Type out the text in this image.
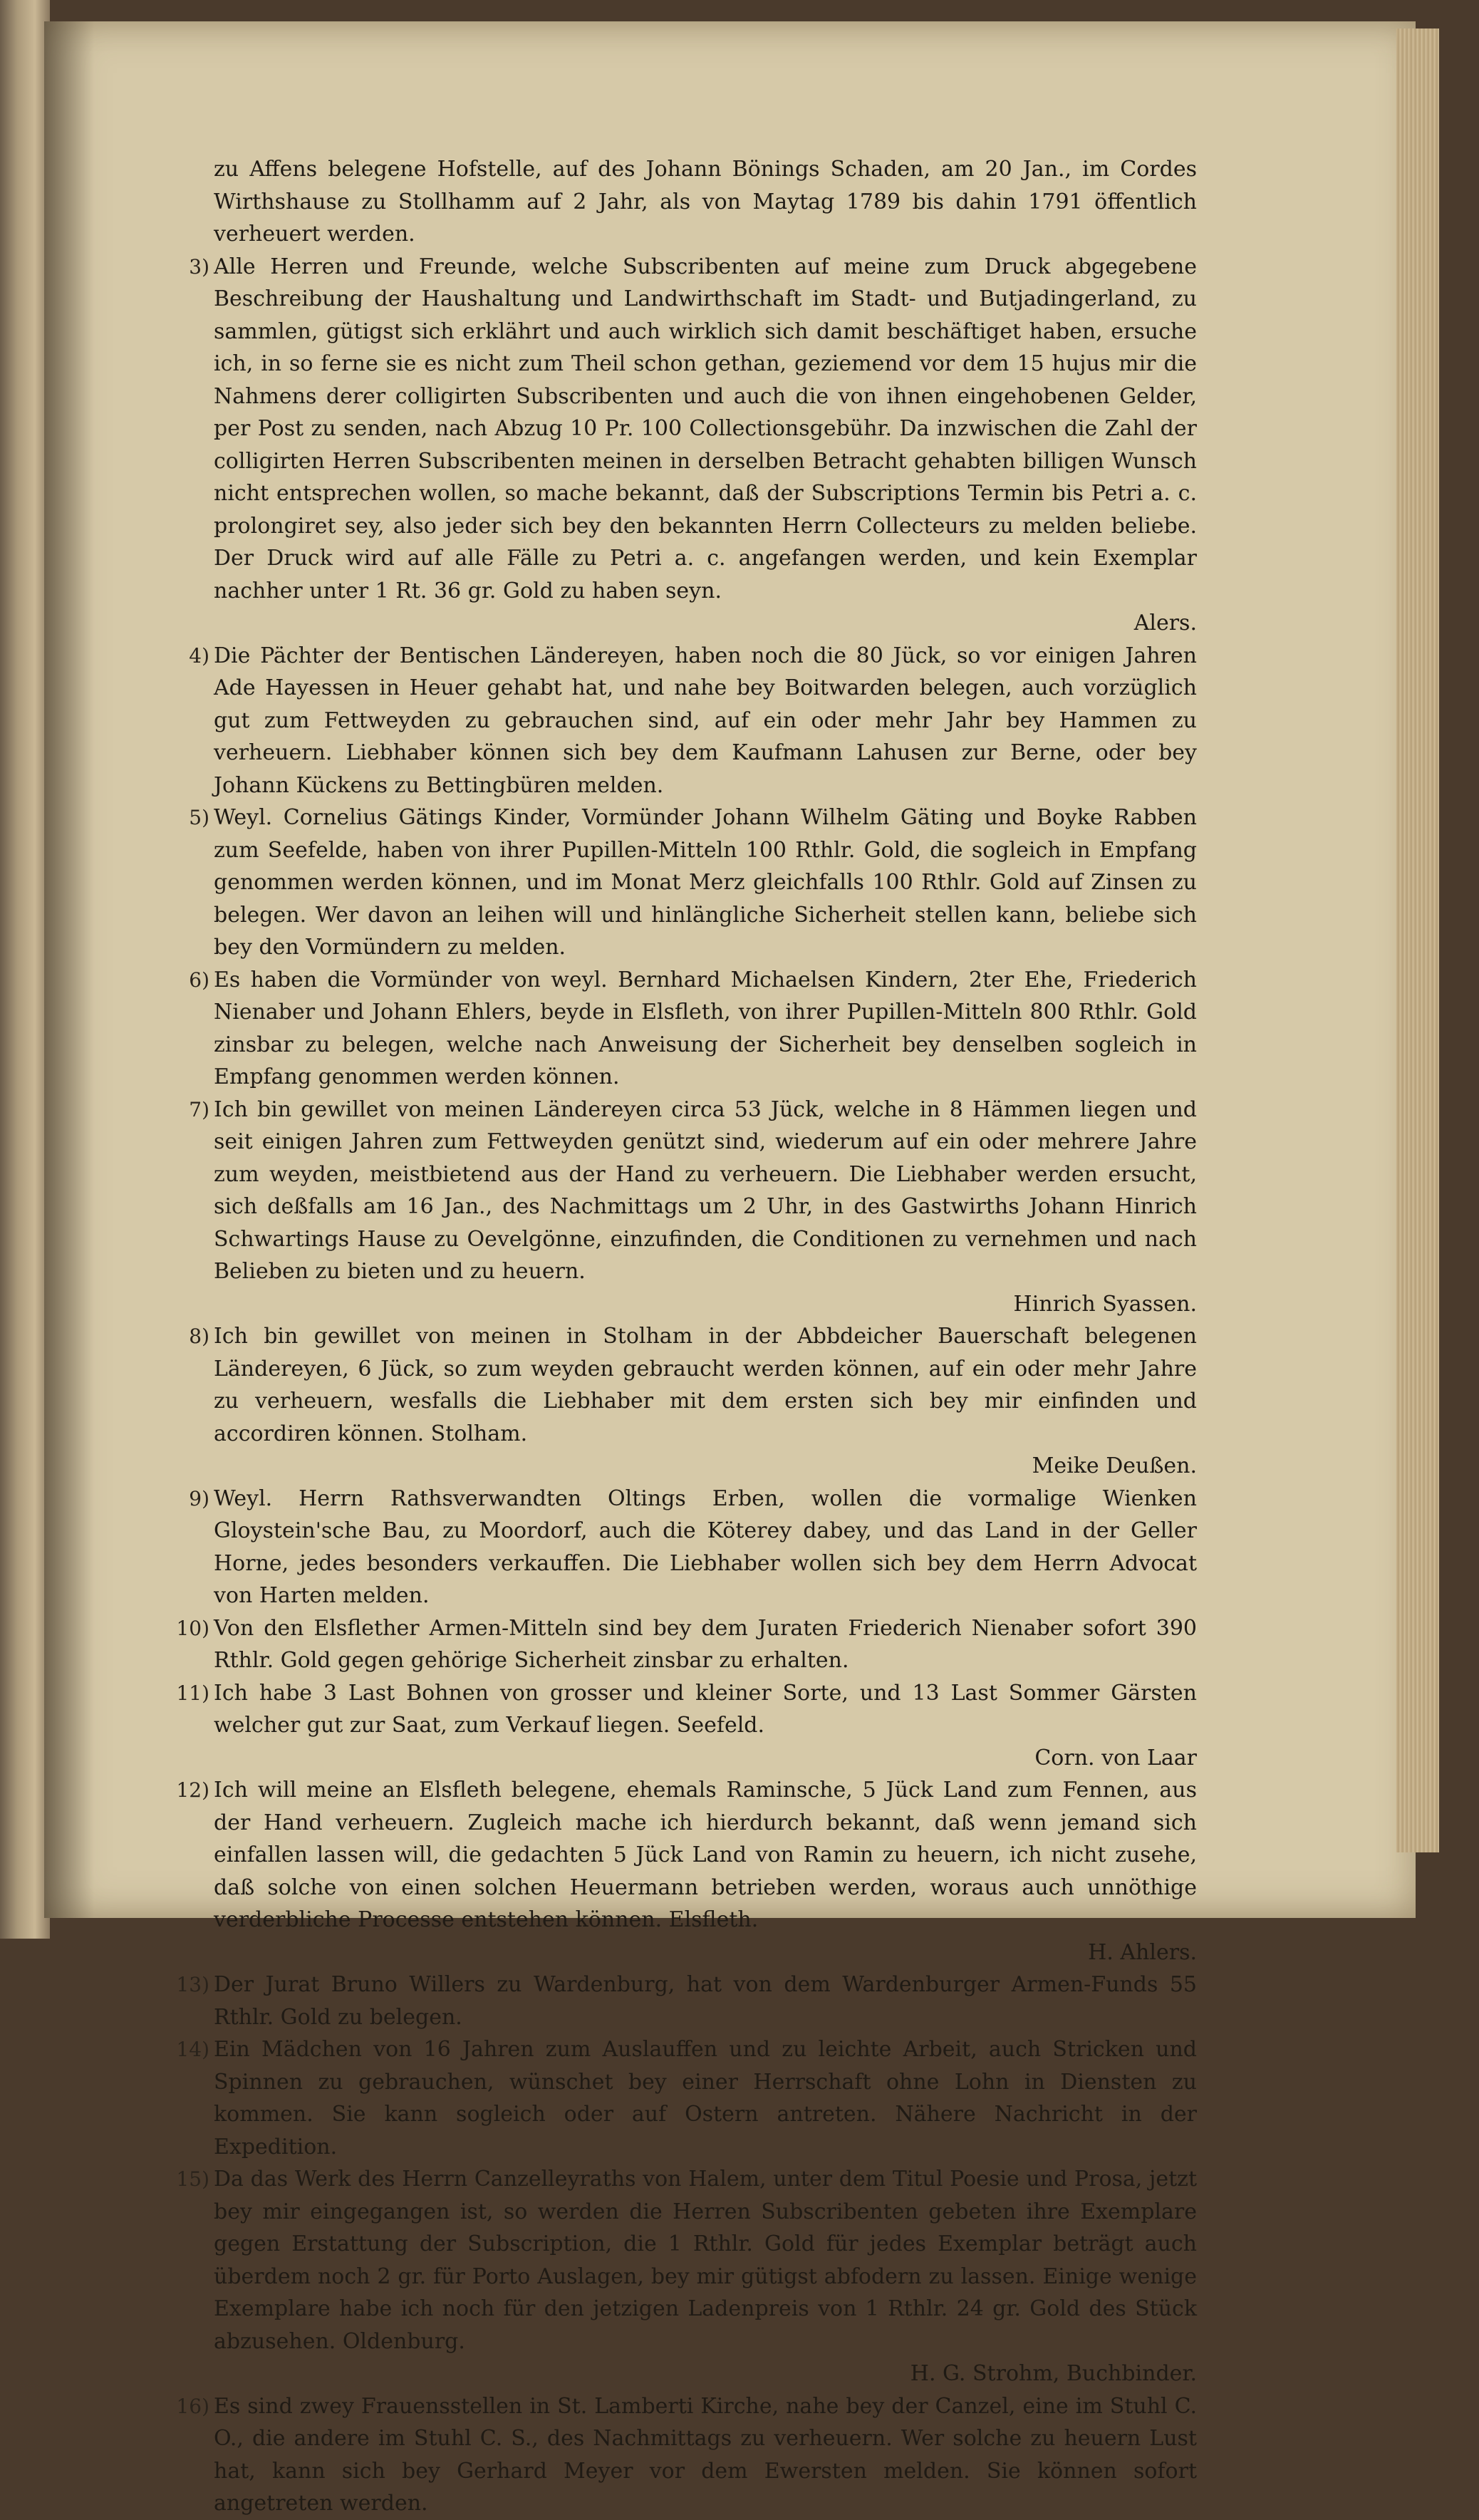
zu Affens belegene Hofstelle, auf des Johann Bönings Schaden, am 20 Jan., im Cordes Wirthshause zu Stollhamm auf 2 Jahr, als von Maytag 1789 bis dahin 1791 öffentlich verheuert werden.
3) Alle Herren und Freunde, welche Subscribenten auf meine zum Druck abgegebene Beschreibung der Haushaltung und Landwirthschaft im Stadt- und Butjadingerland, zu sammlen, gütigst sich erklährt und auch wirklich sich damit beschäftiget haben, ersuche ich, in so ferne sie es nicht zum Theil schon gethan, geziemend vor dem 15 hujus mir die Nahmens derer colligirten Subscribenten und auch die von ihnen eingehobenen Gelder, per Post zu senden, nach Abzug 10 Pr. 100 Collectionsgebühr. Da inzwischen die Zahl der colligirten Herren Subscribenten meinen in derselben Betracht gehabten billigen Wunsch nicht entsprechen wollen, so mache bekannt, daß der Subscriptions Termin bis Petri a. c. prolongiret sey, also jeder sich bey den bekannten Herrn Collecteurs zu melden beliebe. Der Druck wird auf alle Fälle zu Petri a. c. angefangen werden, und kein Exemplar nachher unter 1 Rt. 36 gr. Gold zu haben seyn.
Alers.
4) Die Pächter der Bentischen Ländereyen, haben noch die 80 Jück, so vor einigen Jahren Ade Hayessen in Heuer gehabt hat, und nahe bey Boitwarden belegen, auch vorzüglich gut zum Fettweyden zu gebrauchen sind, auf ein oder mehr Jahr bey Hammen zu verheuern. Liebhaber können sich bey dem Kaufmann Lahusen zur Berne, oder bey Johann Kückens zu Bettingbüren melden.
5) Weyl. Cornelius Gätings Kinder, Vormünder Johann Wilhelm Gäting und Boyke Rabben zum Seefelde, haben von ihrer Pupillen-Mitteln 100 Rthlr. Gold, die sogleich in Empfang genommen werden können, und im Monat Merz gleichfalls 100 Rthlr. Gold auf Zinsen zu belegen. Wer davon an leihen will und hinlängliche Sicherheit stellen kann, beliebe sich bey den Vormündern zu melden.
6) Es haben die Vormünder von weyl. Bernhard Michaelsen Kindern, 2ter Ehe, Friederich Nienaber und Johann Ehlers, beyde in Elsfleth, von ihrer Pupillen-Mitteln 800 Rthlr. Gold zinsbar zu belegen, welche nach Anweisung der Sicherheit bey denselben sogleich in Empfang genommen werden können.
7) Ich bin gewillet von meinen Ländereyen circa 53 Jück, welche in 8 Hämmen liegen und seit einigen Jahren zum Fettweyden genützt sind, wiederum auf ein oder mehrere Jahre zum weyden, meistbietend aus der Hand zu verheuern. Die Liebhaber werden ersucht, sich deßfalls am 16 Jan., des Nachmittags um 2 Uhr, in des Gastwirths Johann Hinrich Schwartings Hause zu Oevelgönne, einzufinden, die Conditionen zu vernehmen und nach Belieben zu bieten und zu heuern.
Hinrich Syassen.
8) Ich bin gewillet von meinen in Stolham in der Abbdeicher Bauerschaft belegenen Ländereyen, 6 Jück, so zum weyden gebraucht werden können, auf ein oder mehr Jahre zu verheuern, wesfalls die Liebhaber mit dem ersten sich bey mir einfinden und accordiren können. Stolham.
Meike Deußen.
9) Weyl. Herrn Rathsverwandten Oltings Erben, wollen die vormalige Wienken Gloystein'sche Bau, zu Moordorf, auch die Köterey dabey, und das Land in der Geller Horne, jedes besonders verkauffen. Die Liebhaber wollen sich bey dem Herrn Advocat von Harten melden.
10) Von den Elsflether Armen-Mitteln sind bey dem Juraten Friederich Nienaber sofort 390 Rthlr. Gold gegen gehörige Sicherheit zinsbar zu erhalten.
11) Ich habe 3 Last Bohnen von grosser und kleiner Sorte, und 13 Last Sommer Gärsten welcher gut zur Saat, zum Verkauf liegen. Seefeld.
Corn. von Laar
12) Ich will meine an Elsfleth belegene, ehemals Raminsche, 5 Jück Land zum Fennen, aus der Hand verheuern. Zugleich mache ich hierdurch bekannt, daß wenn jemand sich einfallen lassen will, die gedachten 5 Jück Land von Ramin zu heuern, ich nicht zusehe, daß solche von einen solchen Heuermann betrieben werden, woraus auch unnöthige verderbliche Processe entstehen können. Elsfleth.
H. Ahlers.
13) Der Jurat Bruno Willers zu Wardenburg, hat von dem Wardenburger Armen-Funds 55 Rthlr. Gold zu belegen.
14) Ein Mädchen von 16 Jahren zum Auslauffen und zu leichte Arbeit, auch Stricken und Spinnen zu gebrauchen, wünschet bey einer Herrschaft ohne Lohn in Diensten zu kommen. Sie kann sogleich oder auf Ostern antreten. Nähere Nachricht in der Expedition.
15) Da das Werk des Herrn Canzelleyraths von Halem, unter dem Titul Poesie und Prosa, jetzt bey mir eingegangen ist, so werden die Herren Subscribenten gebeten ihre Exemplare gegen Erstattung der Subscription, die 1 Rthlr. Gold für jedes Exemplar beträgt auch überdem noch 2 gr. für Porto Auslagen, bey mir gütigst abfodern zu lassen. Einige wenige Exemplare habe ich noch für den jetzigen Ladenpreis von 1 Rthlr. 24 gr. Gold des Stück abzusehen. Oldenburg.
H. G. Strohm, Buchbinder.
16) Es sind zwey Frauensstellen in St. Lamberti Kirche, nahe bey der Canzel, eine im Stuhl C. O., die andere im Stuhl C. S., des Nachmittags zu verheuern. Wer solche zu heuern Lust hat, kann sich bey Gerhard Meyer vor dem Ewersten melden. Sie können sofort angetreten werden.
